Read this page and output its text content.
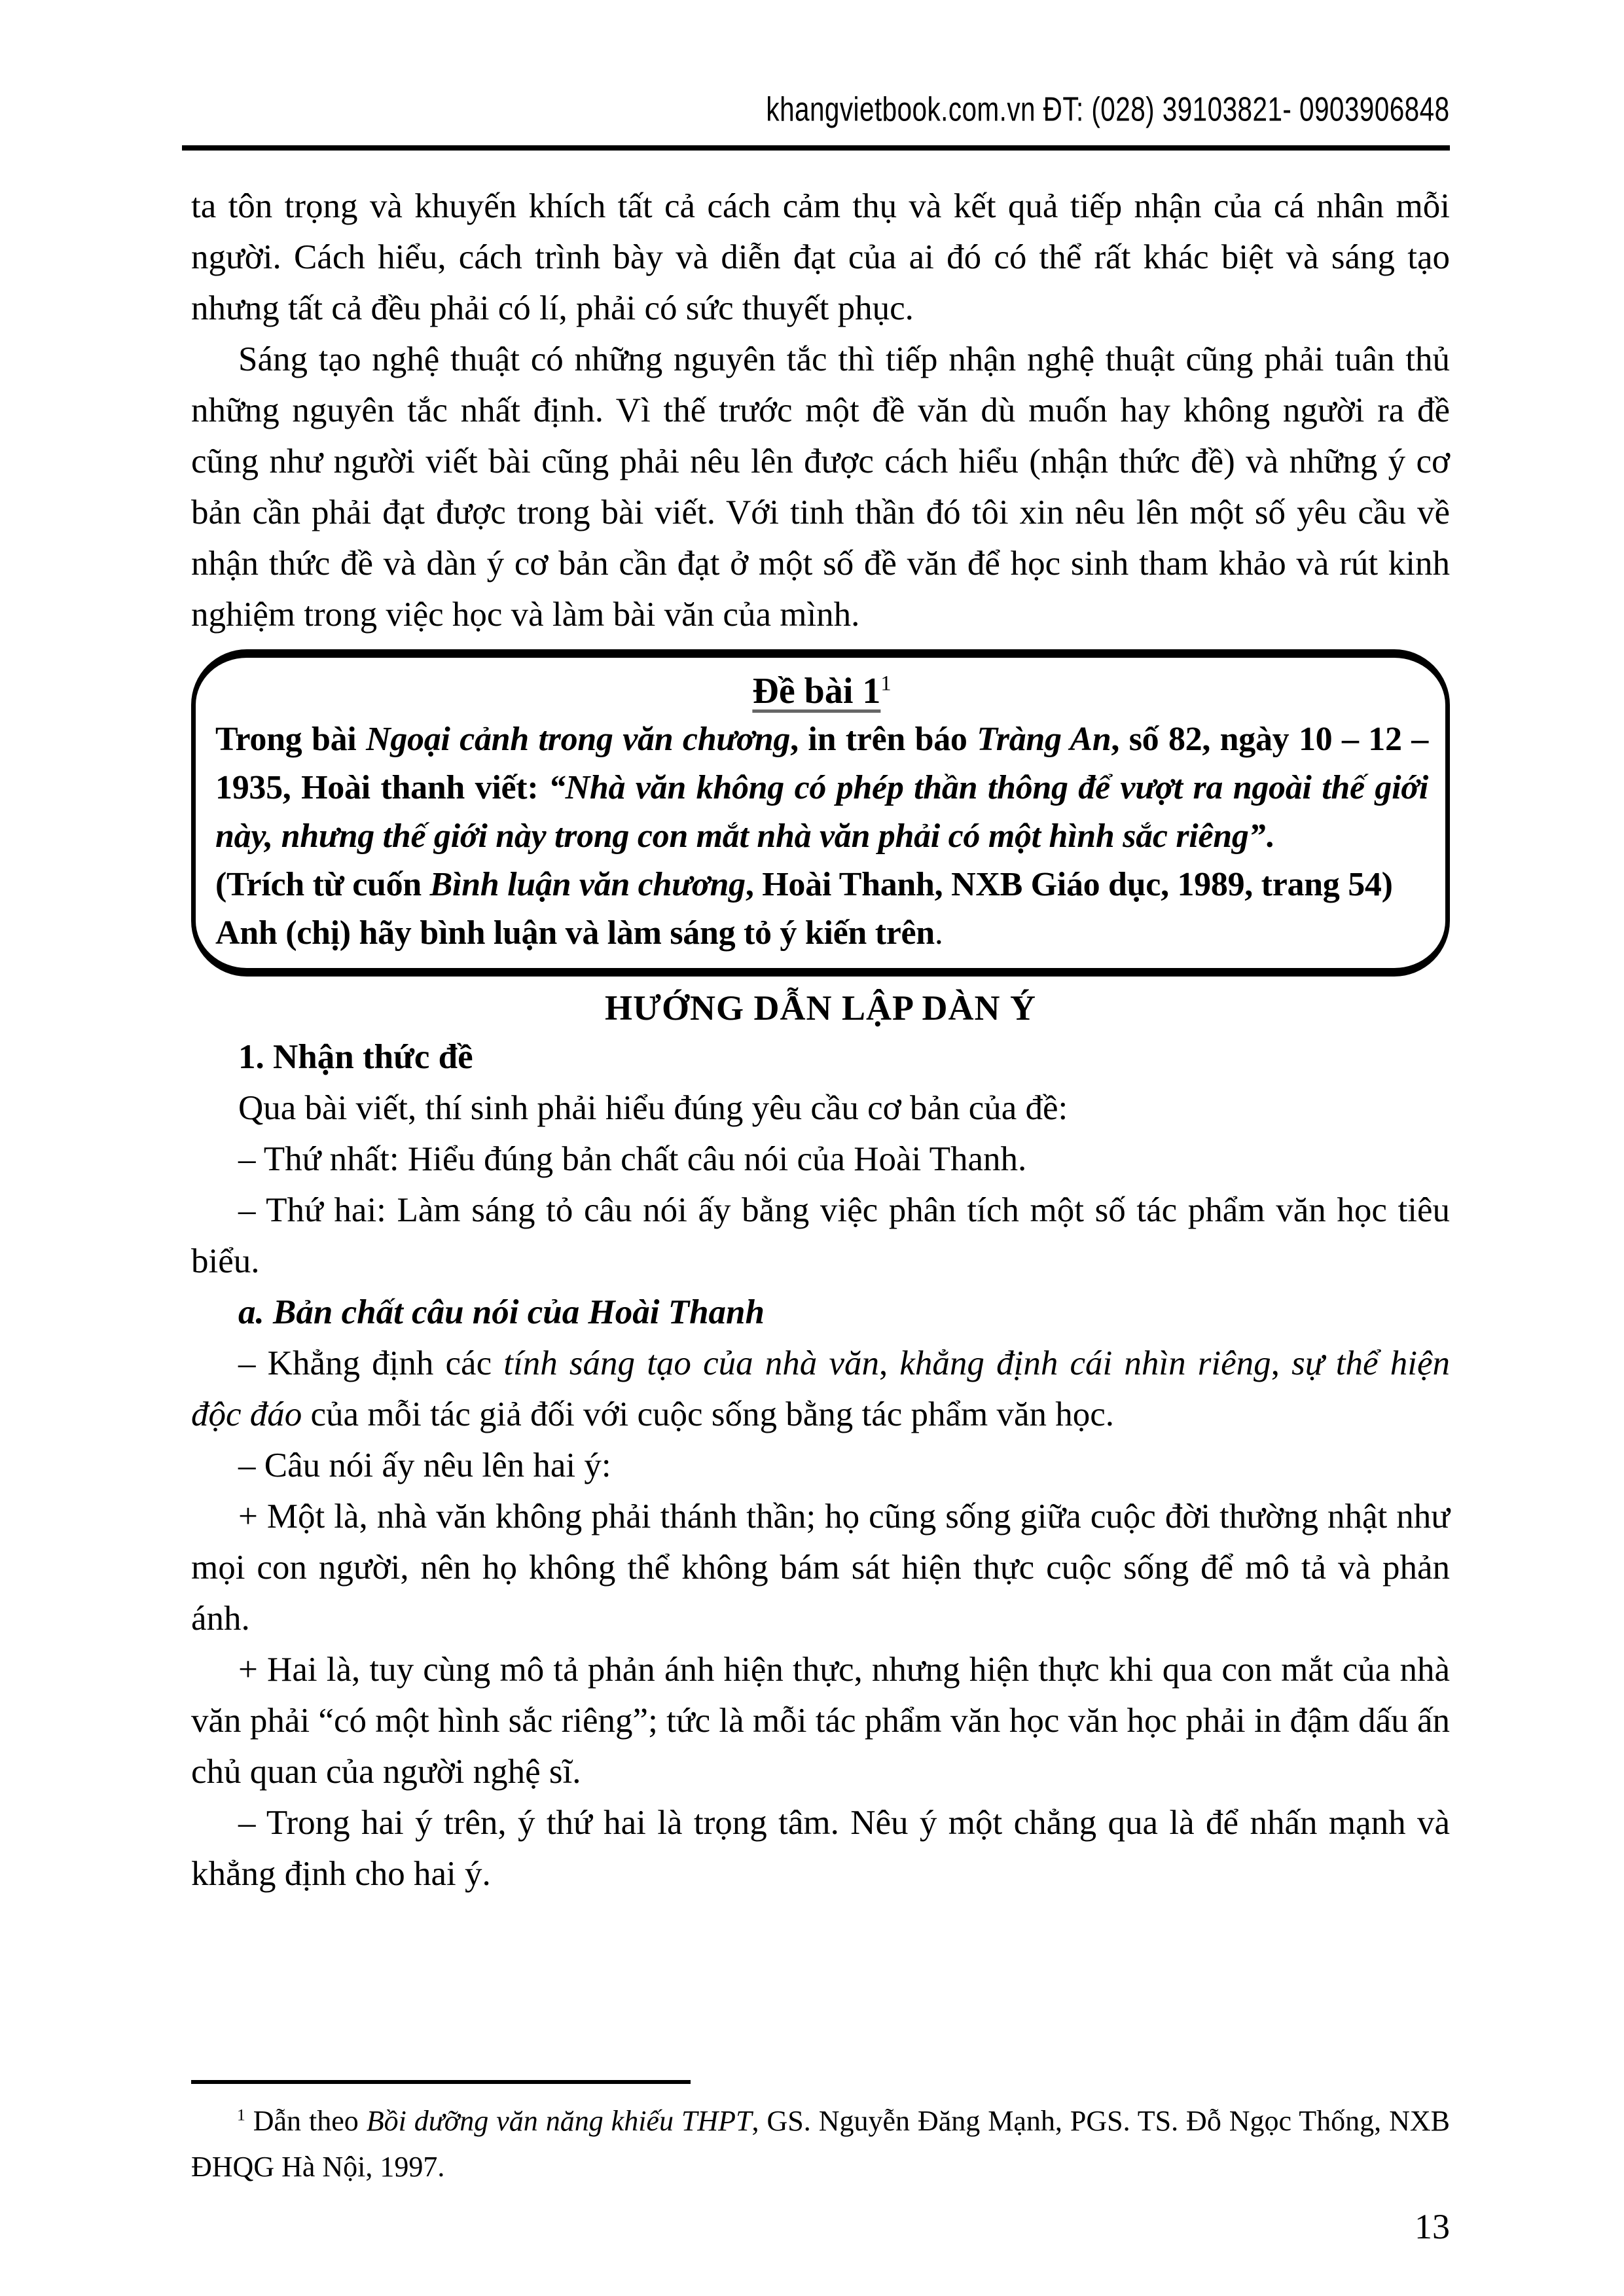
khangvietbook.com.vn ĐT: (028) 39103821- 0903906848

ta tôn trọng và khuyến khích tất cả cách cảm thụ và kết quả tiếp nhận của cá nhân mỗi người. Cách hiểu, cách trình bày và diễn đạt của ai đó có thể rất khác biệt và sáng tạo nhưng tất cả đều phải có lí, phải có sức thuyết phục.

Sáng tạo nghệ thuật có những nguyên tắc thì tiếp nhận nghệ thuật cũng phải tuân thủ những nguyên tắc nhất định. Vì thế trước một đề văn dù muốn hay không người ra đề cũng như người viết bài cũng phải nêu lên được cách hiểu (nhận thức đề) và những ý cơ bản cần phải đạt được trong bài viết. Với tinh thần đó tôi xin nêu lên một số yêu cầu về nhận thức đề và dàn ý cơ bản cần đạt ở một số đề văn để học sinh tham khảo và rút kinh nghiệm trong việc học và làm bài văn của mình.

Đề bài $1^1$

Trong bài Ngoại cảnh trong văn chương, in trên báo Tràng An, số 82, ngày 10 – 12 –1935, Hoài thanh viết: “Nhà văn không có phép thần thông để vượt ra ngoài thế giới này, nhưng thế giới này trong con mắt nhà văn phải có một hình sắc riêng”.

(Trích từ cuốn Bình luận văn chương, Hoài Thanh, NXB Giáo dục, 1989, trang 54)

Anh (chị) hãy bình luận và làm sáng tỏ ý kiến trên.

HƯỚNG DẪN LẬP DÀN Ý

1. Nhận thức đề

Qua bài viết, thí sinh phải hiểu đúng yêu cầu cơ bản của đề:

– Thứ nhất: Hiểu đúng bản chất câu nói của Hoài Thanh.

– Thứ hai: Làm sáng tỏ câu nói ấy bằng việc phân tích một số tác phẩm văn học tiêu biểu.

a. Bản chất câu nói của Hoài Thanh

– Khẳng định các tính sáng tạo của nhà văn, khẳng định cái nhìn riêng, sự thể hiện độc đáo của mỗi tác giả đối với cuộc sống bằng tác phẩm văn học.

– Câu nói ấy nêu lên hai ý:

+ Một là, nhà văn không phải thánh thần; họ cũng sống giữa cuộc đời thường nhật như mọi con người, nên họ không thể không bám sát hiện thực cuộc sống để mô tả và phản ánh.

+ Hai là, tuy cùng mô tả phản ánh hiện thực, nhưng hiện thực khi qua con mắt của nhà văn phải “có một hình sắc riêng”; tức là mỗi tác phẩm văn học văn học phải in đậm dấu ấn chủ quan của người nghệ sĩ.

– Trong hai ý trên, ý thứ hai là trọng tâm. Nêu ý một chẳng qua là để nhấn mạnh và khẳng định cho hai ý.

$^1$ Dẫn theo Bồi dưỡng văn năng khiếu THPT, GS. Nguyễn Đăng Mạnh, PGS. TS. Đỗ Ngọc Thống, NXB ĐHQG Hà Nội, 1997.

13
